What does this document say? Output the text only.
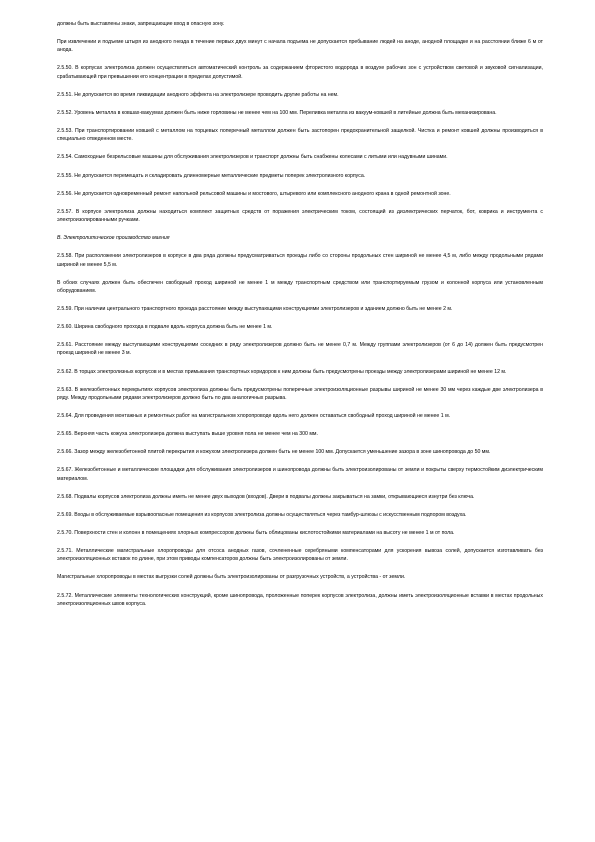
должны быть выставлены знаки, запрещающие вход в опасную зону.

При извлечении и подъеме штыря из анодного гнезда в течение первых двух минут с начала подъема не допускается пребывание людей на аноде, анодной площадке и на расстоянии ближе 6 м от анода.

2.5.50. В корпусах электролиза должен осуществляться автоматический контроль за содержанием фтористого водорода в воздухе рабочих зон с устройством световой и звуковой сигнализации, срабатывающей при превышении его концентрации в пределах допустимой.

2.5.51. Не допускается во время ликвидации анодного эффекта на электролизере проводить другие работы на нем.

2.5.52. Уровень металла в ковшах-вакуумах должен быть ниже горловины не менее чем на 100 мм. Переливка металла из вакуум-ковшей в литейные должна быть механизирована.

2.5.53. При транспортировании ковшей с металлом на торцевых поперечный металлом должен быть застопорен предохранительной защелкой. Чистка и ремонт ковшей должны производиться в специально отведенном месте.

2.5.54. Самоходные безрельсовые машины для обслуживания электролизеров и транспорт должны быть снабжены колесами с литыми или надувными шинами.

2.5.55. Не допускается перемещать и складировать длинномерные металлические предметы поперек электролизного корпуса.

2.5.56. Не допускается одновременный ремонт напольной рельсовой машины и мостового, штыревого или комплексного анодного крана в одной ремонтной зоне.

2.5.57. В корпусе электролиза должны находиться комплект защитных средств от поражения электрическим током, состоящий из диэлектрических перчаток, бот, коврика и инструмента с электроизолированными ручками.

В. Электролитическое производство магния

2.5.58. При расположении электролизеров в корпусе в два ряда должны предусматриваться проезды либо со стороны продольных стен шириной не менее 4,5 м, либо между продольными рядами шириной не менее 5,5 м.

В обоих случаях должен быть обеспечен свободный проход шириной не менее 1 м между транспортным средством или транспортируемым грузом и колонной корпуса или установленным оборудованием.

2.5.59. При наличии центрального транспортного проезда расстояние между выступающими конструкциями электролизеров и зданием должно быть не менее 2 м.

2.5.60. Ширина свободного прохода в подвале вдоль корпуса должна быть не менее 1 м.

2.5.61. Расстояние между выступающими конструкциями соседних в ряду электролизеров должно быть не менее 0,7 м. Между группами электролизеров (от 6 до 14) должен быть предусмотрен проезд шириной не менее 3 м.

2.5.62. В торцах электролизных корпусов и в местах примыкания транспортных коридоров к ним должны быть предусмотрены проезды между электролизерами шириной не менее 12 м.

2.5.63. В железобетонных перекрытиях корпусов электролиза должны быть предусмотрены поперечные электроизоляционные разрывы шириной не менее 30 мм через каждые две электролизера в ряду. Между продольными рядами электролизеров должно быть по два аналогичных разрыва.

2.5.64. Для проведения монтажных и ремонтных работ на магистральном хлоропроводе вдоль него должен оставаться свободный проход шириной не менее 1 м.

2.5.65. Верхняя часть кожуха электролизера должна выступать выше уровня пола не менее чем на 300 мм.

2.5.66. Зазор между железобетонной плитой перекрытия и кожухом электролизера должен быть не менее 100 мм. Допускается уменьшение зазора в зоне шинопровода до 50 мм.

2.5.67. Железобетонные и металлические площадки для обслуживания электролизеров и шинопровода должны быть электроизолированы от земли и покрыты сверху термостойким диэлектрическим материалом.

2.5.68. Подвалы корпусов электролиза должны иметь не менее двух выходов (входов). Двери в подвалы должны закрываться на замки, открывающиеся изнутри без ключа.

2.5.69. Входы в обслуживаемые взрывоопасные помещения из корпусов электролиза должны осуществляться через тамбур-шлюзы с искусственным подпором воздуха.

2.5.70. Поверхности стен и колонн в помещениях хлорных компрессоров должны быть облицованы кислотостойкими материалами на высоту не менее 1 м от пола.

2.5.71. Металлические магистральные хлоропроводы для отсоса анодных газов, сочлененные серебряными компенсаторами для ускорения вывоза солей, допускается изготавливать без электроизоляционных вставок по длине, при этом приводы компенсаторов должны быть электроизолированы от земли.

Магистральные хлоропроводы в местах выгрузки солей должны быть электроизолированы от разгрузочных устройств, а устройства - от земли.

2.5.72. Металлические элементы технологических конструкций, кроме шинопровода, проложенные поперек корпусов электролиза, должны иметь электроизоляционные вставки в местах продольных электроизоляционных швов корпуса.
